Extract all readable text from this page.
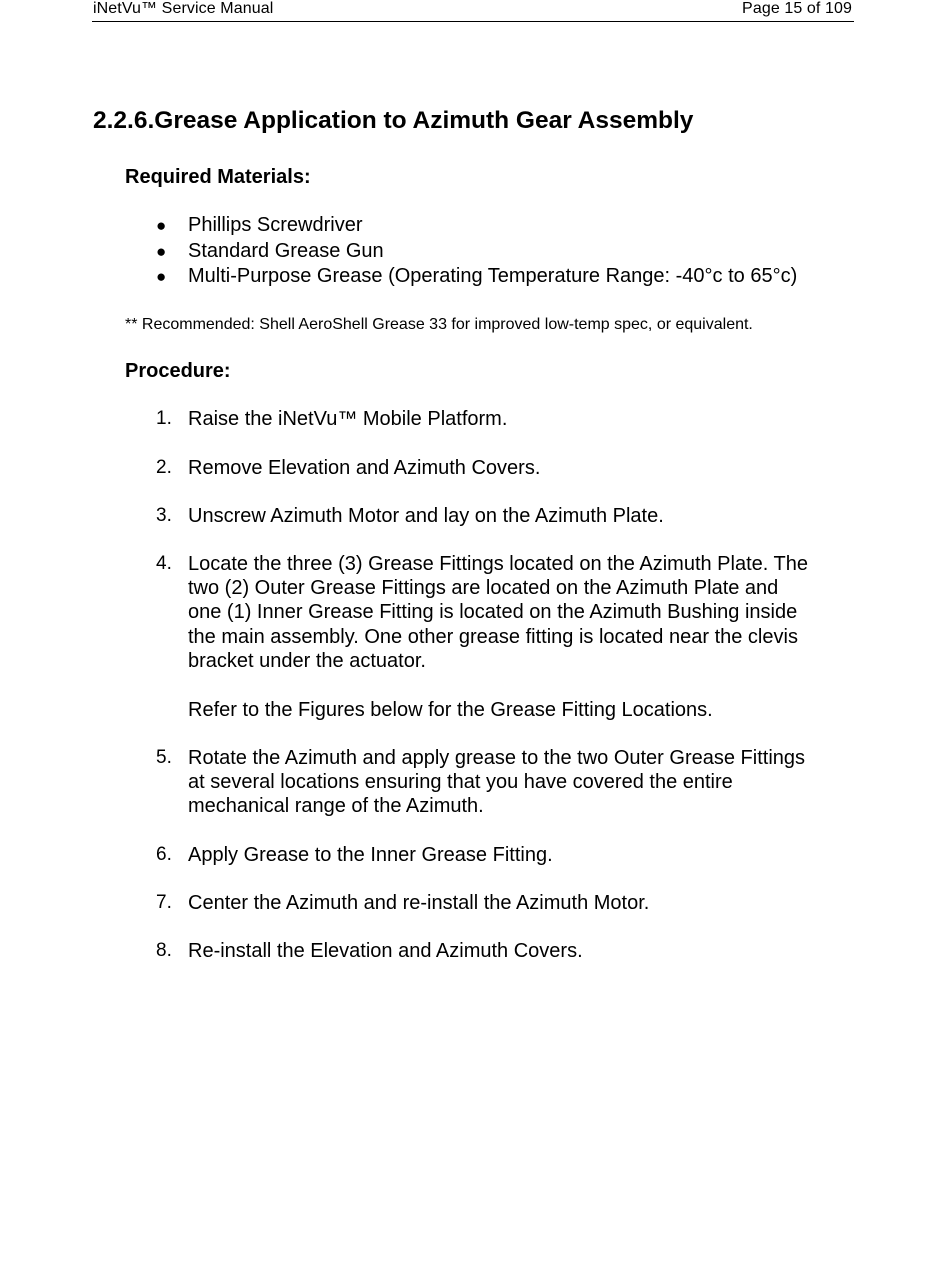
iNetVu™ Service Manual	Page 15 of 109
2.2.6.Grease Application to Azimuth Gear Assembly
Required Materials:
● Phillips Screwdriver
● Standard Grease Gun
● Multi-Purpose Grease (Operating Temperature Range: -40°c to 65°c)
** Recommended: Shell AeroShell Grease 33 for improved low-temp spec, or equivalent.
Procedure:
1. Raise the iNetVu™ Mobile Platform.
2. Remove Elevation and Azimuth Covers.
3. Unscrew Azimuth Motor and lay on the Azimuth Plate.
4. Locate the three (3) Grease Fittings located on the Azimuth Plate. The
two (2) Outer Grease Fittings are located on the Azimuth Plate and
one (1) Inner Grease Fitting is located on the Azimuth Bushing inside
the main assembly. One other grease fitting is located near the clevis
bracket under the actuator.
5. Rotate the Azimuth and apply grease to the two Outer Grease Fittings
at several locations ensuring that you have covered the entire
mechanical range of the Azimuth.
6. Apply Grease to the Inner Grease Fitting.
7. Center the Azimuth and re-install the Azimuth Motor.
8. Re-install the Elevation and Azimuth Covers.
Refer to the Figures below for the Grease Fitting Locations.
